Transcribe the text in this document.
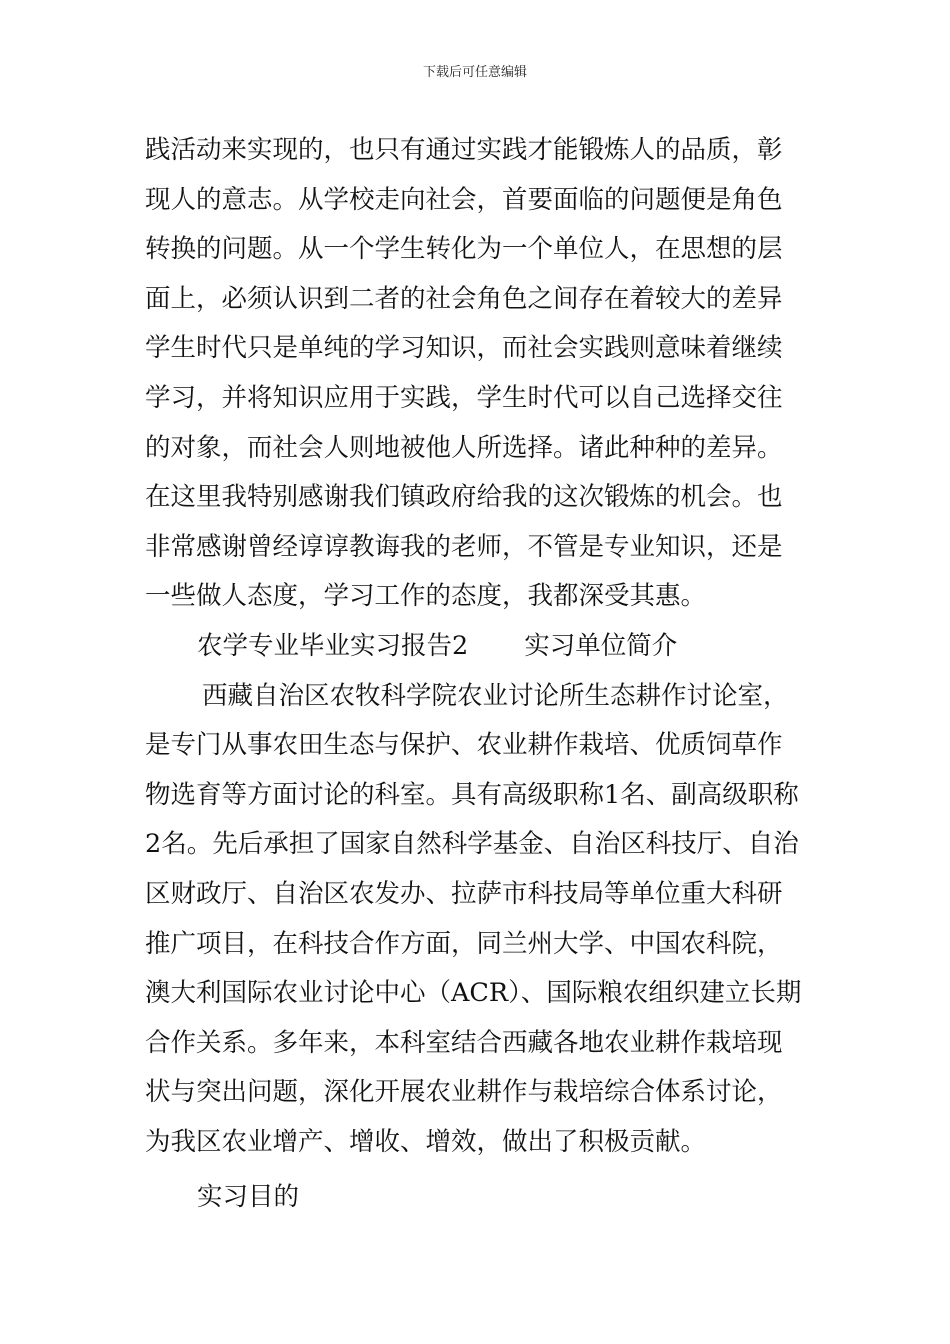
下载后可任意编辑
践活动来实现的，也只有通过实践才能锻炼人的品质，彰
现人的意志。从学校走向社会，首要面临的问题便是角色
转换的问题。从一个学生转化为一个单位人，在思想的层
面上，必须认识到二者的社会角色之间存在着较大的差异
学生时代只是单纯的学习知识，而社会实践则意味着继续
学习，并将知识应用于实践，学生时代可以自己选择交往
的对象，而社会人则地被他人所选择。诸此种种的差异。
在这里我特别感谢我们镇政府给我的这次锻炼的机会。也
非常感谢曾经谆谆教诲我的老师，不管是专业知识，还是
一些做人态度，学习工作的态度，我都深受其惠。
农学专业毕业实习报告2 实习单位简介
西藏自治区农牧科学院农业讨论所生态耕作讨论室，
是专门从事农田生态与保护、农业耕作栽培、优质饲草作
物选育等方面讨论的科室。具有高级职称1名、副高级职称
2名。先后承担了国家自然科学基金、自治区科技厅、自治
区财政厅、自治区农发办、拉萨市科技局等单位重大科研
推广项目，在科技合作方面，同兰州大学、中国农科院，
澳大利国际农业讨论中心（ACR）、国际粮农组织建立长期
合作关系。多年来，本科室结合西藏各地农业耕作栽培现
状与突出问题，深化开展农业耕作与栽培综合体系讨论，
为我区农业增产、增收、增效，做出了积极贡献。
实习目的
